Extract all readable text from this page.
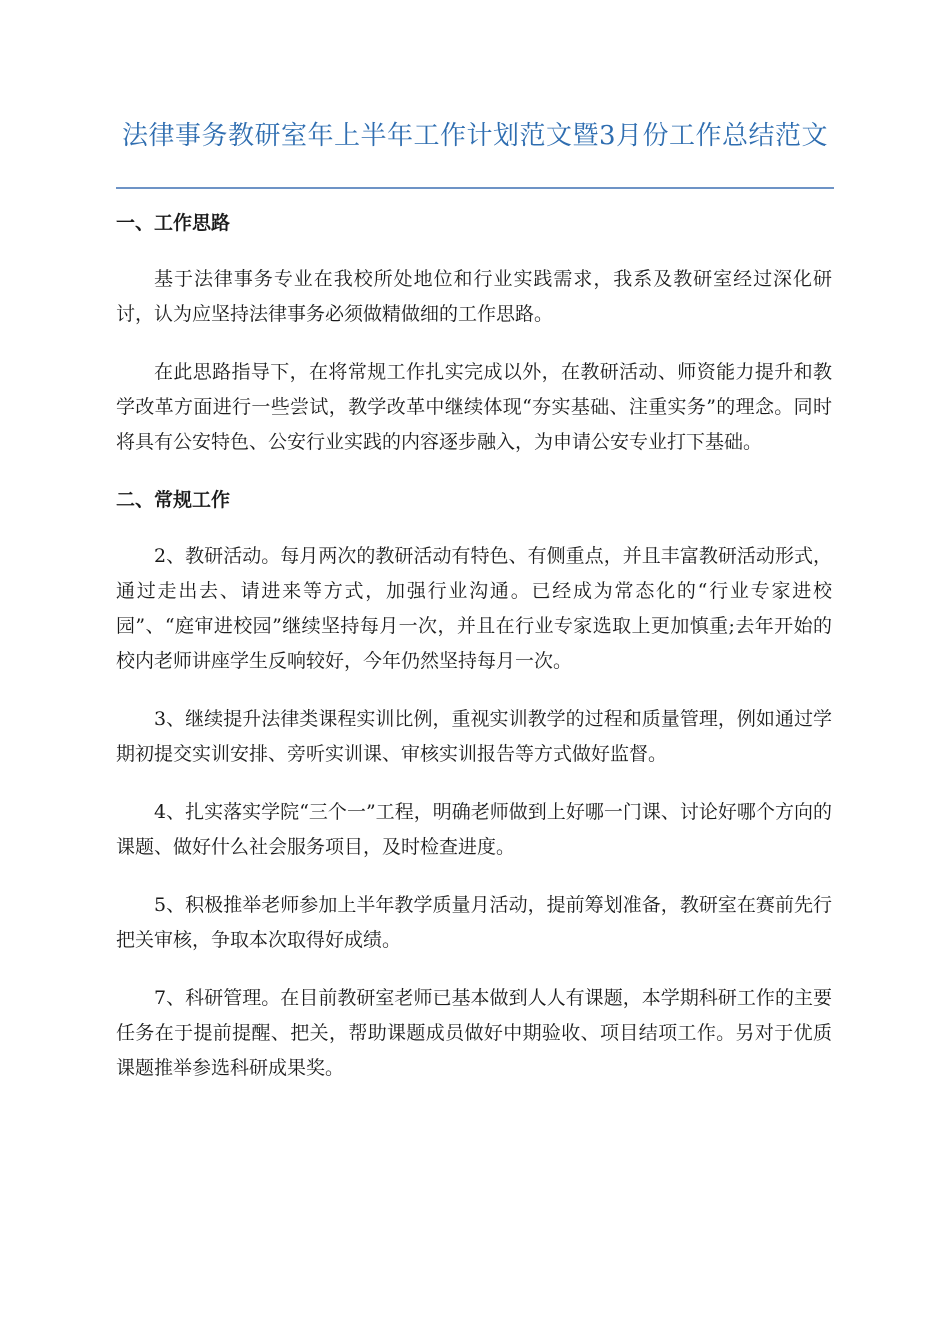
法律事务教研室年上半年工作计划范文暨3月份工作总结范文
一、工作思路

基于法律事务专业在我校所处地位和行业实践需求，我系及教研室经过深化研讨，认为应坚持法律事务必须做精做细的工作思路。

在此思路指导下，在将常规工作扎实完成以外，在教研活动、师资能力提升和教学改革方面进行一些尝试，教学改革中继续体现“夯实基础、注重实务”的理念。同时将具有公安特色、公安行业实践的内容逐步融入，为申请公安专业打下基础。

二、常规工作

2、教研活动。每月两次的教研活动有特色、有侧重点，并且丰富教研活动形式，通过走出去、请进来等方式，加强行业沟通。已经成为常态化的“行业专家进校园”、“庭审进校园”继续坚持每月一次，并且在行业专家选取上更加慎重;去年开始的校内老师讲座学生反响较好，今年仍然坚持每月一次。

3、继续提升法律类课程实训比例，重视实训教学的过程和质量管理，例如通过学期初提交实训安排、旁听实训课、审核实训报告等方式做好监督。

4、扎实落实学院“三个一”工程，明确老师做到上好哪一门课、讨论好哪个方向的课题、做好什么社会服务项目，及时检查进度。

5、积极推举老师参加上半年教学质量月活动，提前筹划准备，教研室在赛前先行把关审核，争取本次取得好成绩。

7、科研管理。在目前教研室老师已基本做到人人有课题，本学期科研工作的主要任务在于提前提醒、把关，帮助课题成员做好中期验收、项目结项工作。另对于优质课题推举参选科研成果奖。
